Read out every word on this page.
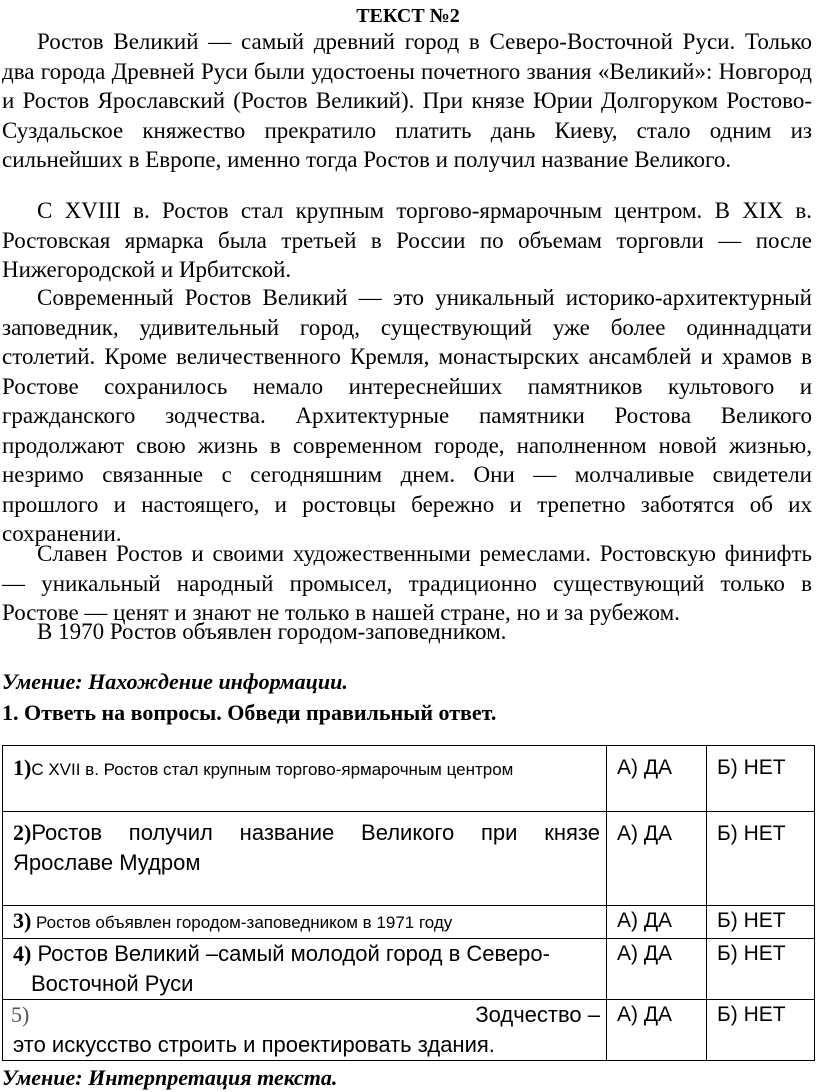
ТЕКСТ №2

Ростов Великий — самый древний город в Северо-Восточной Руси. Только два города Древней Руси были удостоены почетного звания «Великий»: Новгород и Ростов Ярославский (Ростов Великий). При князе Юрии Долгоруком Ростово-Суздальское княжество прекратило платить дань Киеву, стало одним из сильнейших в Европе, именно тогда Ростов и получил название Великого.

С XVIII в. Ростов стал крупным торгово-ярмарочным центром. В XIX в. Ростовская ярмарка была третьей в России по объемам торговли — после Нижегородской и Ирбитской.

Современный Ростов Великий — это уникальный историко-архитектурный заповедник, удивительный город, существующий уже более одиннадцати столетий. Кроме величественного Кремля, монастырских ансамблей и храмов в Ростове сохранилось немало интереснейших памятников культового и гражданского зодчества. Архитектурные памятники Ростова Великого продолжают свою жизнь в современном городе, наполненном новой жизнью, незримо связанные с сегодняшним днем. Они — молчаливые свидетели прошлого и настоящего, и ростовцы бережно и трепетно заботятся об их сохранении.

Славен Ростов и своими художественными ремеслами. Ростовскую финифть — уникальный народный промысел, традиционно существующий только в Ростове — ценят и знают не только в нашей стране, но и за рубежом.

В 1970 Ростов объявлен городом-заповедником.

Умение: Нахождение информации.
1. Ответь на вопросы. Обведи правильный ответ.
1)С XVII в. Ростов стал крупным торгово-ярмарочным центром	А) ДА	Б) НЕТ
2)Ростов получил название Великого при князе Ярославе Мудром	А) ДА	Б) НЕТ
3) Ростов объявлен городом-заповедником в 1971 году	А) ДА	Б) НЕТ
4) Ростов Великий –самый молодой город в Северо-
Восточной Руси	А) ДА	Б) НЕТ

5) Зодчество –
это искусство строить и проектировать здания.	А) ДА	Б) НЕТ
Умение: Интерпретация текста.
